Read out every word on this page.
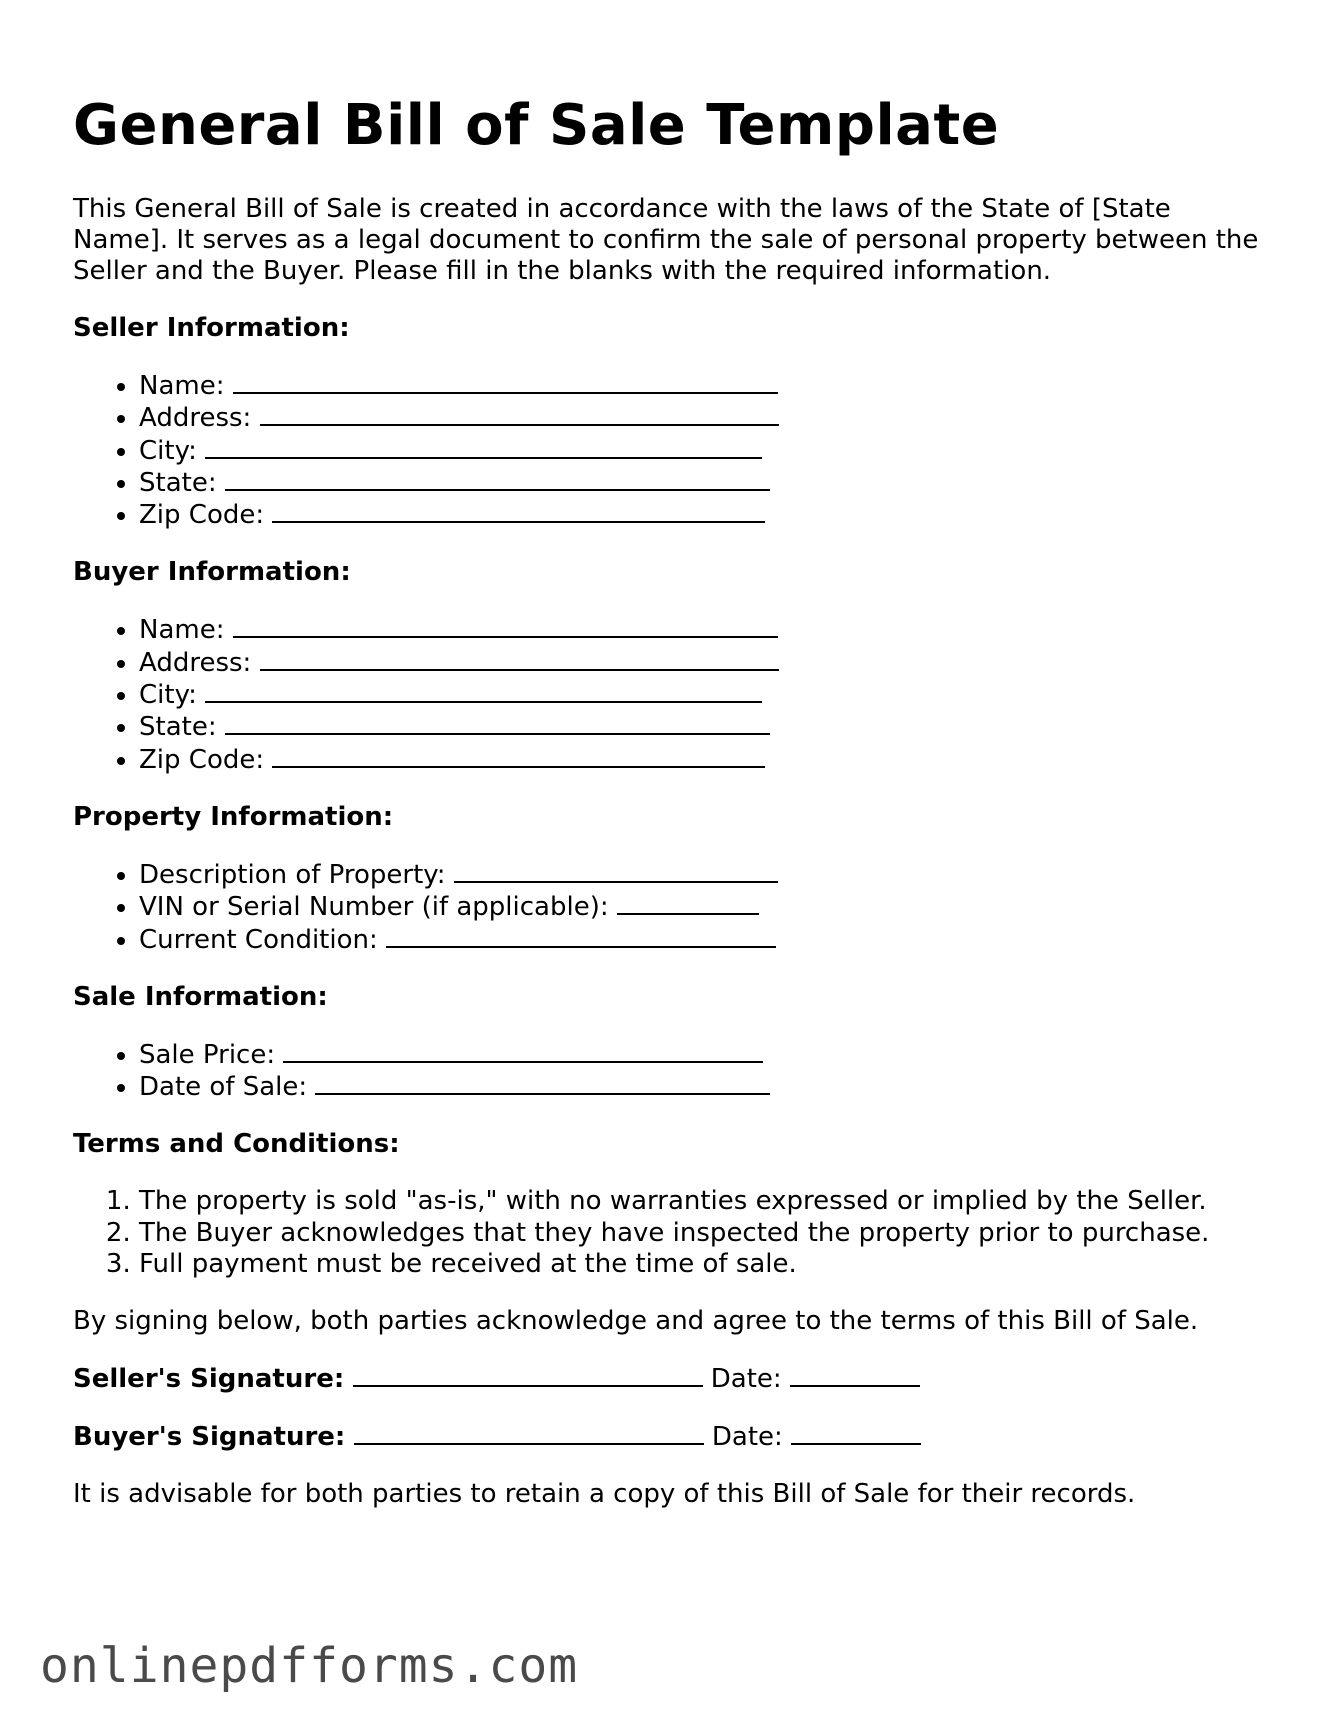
General Bill of Sale Template

This General Bill of Sale is created in accordance with the laws of the State of [State Name]. It serves as a legal document to confirm the sale of personal property between the Seller and the Buyer. Please fill in the blanks with the required information.

Seller Information:
• Name:
• Address:
• City:
• State:
• Zip Code:
Buyer Information:
• Name:
• Address:
• City:
• State:
• Zip Code:
Property Information:
• Description of Property:
• VIN or Serial Number (if applicable):
• Current Condition:
Sale Information:
• Sale Price:
• Date of Sale:
Terms and Conditions:
1. The property is sold "as-is," with no warranties expressed or implied by the Seller.
2. The Buyer acknowledges that they have inspected the property prior to purchase.
3. Full payment must be received at the time of sale.

By signing below, both parties acknowledge and agree to the terms of this Bill of Sale.

Seller's Signature:	Date:
Buyer's Signature:	Date:

It is advisable for both parties to retain a copy of this Bill of Sale for their records.

onlinepdfforms.com
